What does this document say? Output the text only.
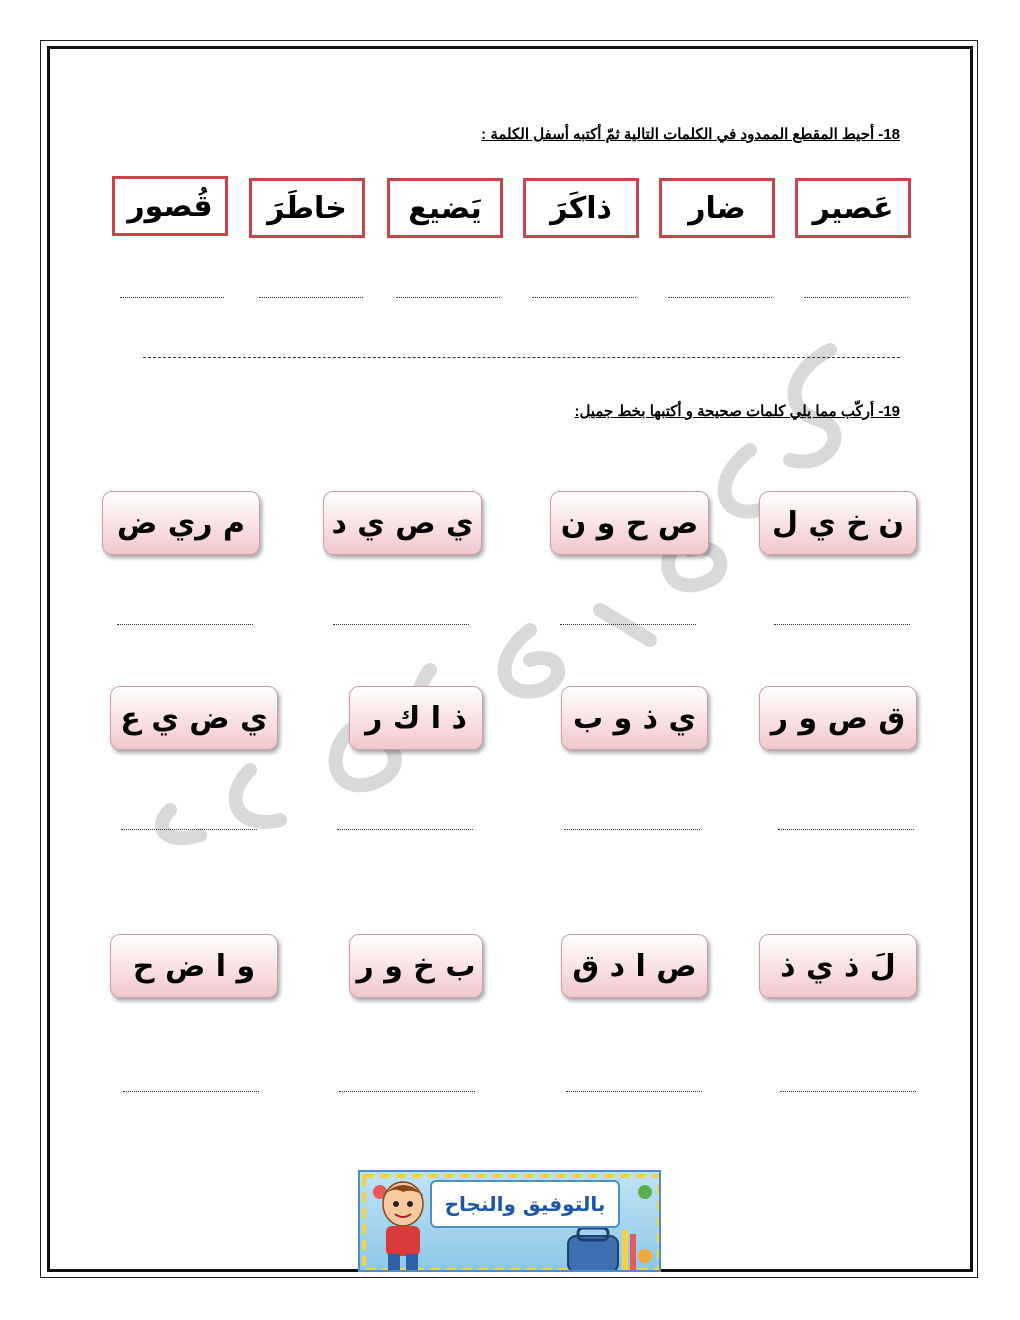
18- أحيط المقطع الممدود في الكلمات التالية ثمّ أكتبه أسفل الكلمة :
عَصير
ضار
ذاكَرَ
يَضيع
خاطَرَ
قُصور
19- أركّب مما يلي كلمات صحيحة و أكتبها بخط جميل:
ن خ ي ل
ص ح و ن
ي ص ي د
م ري ض
ق ص و ر
ي ذ و ب
ذ ا ك ر
ي ض ي ع
لَ ذ ي ذ
ص ا د ق
ب خ و ر
و ا ض ح
بالتوفيق والنجاح
